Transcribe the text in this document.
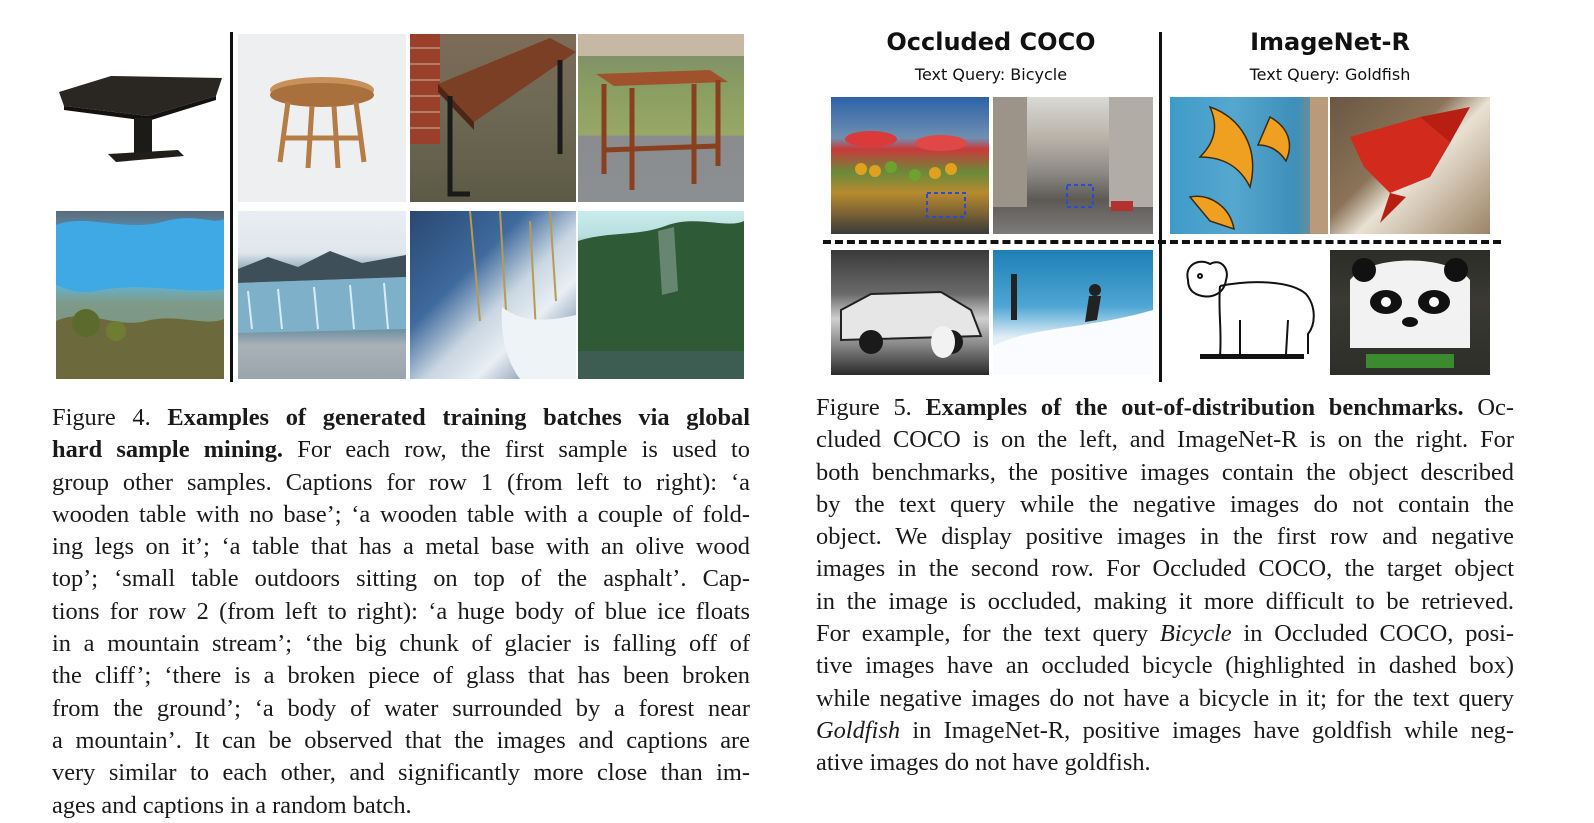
Occluded COCO
Text Query: Bicycle
ImageNet-R
Text Query: Goldfish
Figure 4. Examples of generated training batches via global
hard sample mining. For each row, the first sample is used to
group other samples. Captions for row 1 (from left to right): ‘a
wooden table with no base’; ‘a wooden table with a couple of fold-
ing legs on it’; ‘a table that has a metal base with an olive wood
top’; ‘small table outdoors sitting on top of the asphalt’. Cap-
tions for row 2 (from left to right): ‘a huge body of blue ice floats
in a mountain stream’; ‘the big chunk of glacier is falling off of
the cliff’; ‘there is a broken piece of glass that has been broken
from the ground’; ‘a body of water surrounded by a forest near
a mountain’. It can be observed that the images and captions are
very similar to each other, and significantly more close than im-
ages and captions in a random batch.
Figure 5. Examples of the out-of-distribution benchmarks. Oc-
cluded COCO is on the left, and ImageNet-R is on the right. For
both benchmarks, the positive images contain the object described
by the text query while the negative images do not contain the
object. We display positive images in the first row and negative
images in the second row. For Occluded COCO, the target object
in the image is occluded, making it more difficult to be retrieved.
For example, for the text query Bicycle in Occluded COCO, posi-
tive images have an occluded bicycle (highlighted in dashed box)
while negative images do not have a bicycle in it; for the text query
Goldfish in ImageNet-R, positive images have goldfish while neg-
ative images do not have goldfish.
